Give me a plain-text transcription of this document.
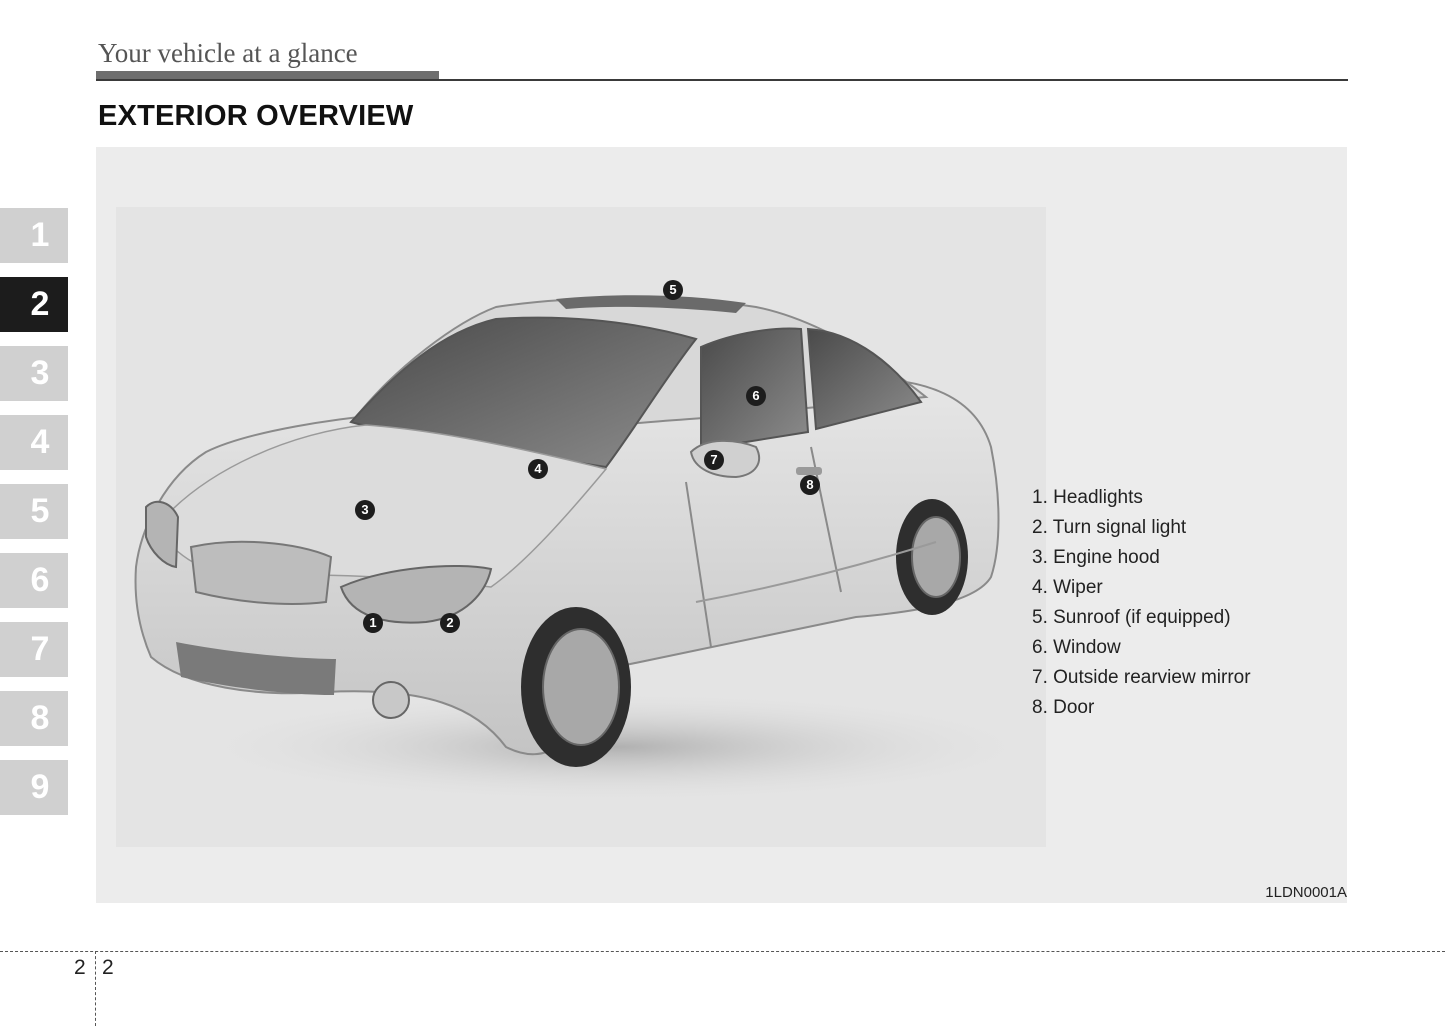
Your vehicle at a glance
EXTERIOR OVERVIEW
1
2
3
4
5
6
7
8
9
1	2
3
4
5
6
7
8
1. Headlights
2. Turn signal light
3. Engine hood
4. Wiper
5. Sunroof (if equipped)
6. Window
7. Outside rearview mirror
8. Door
1LDN0001A
2 2
